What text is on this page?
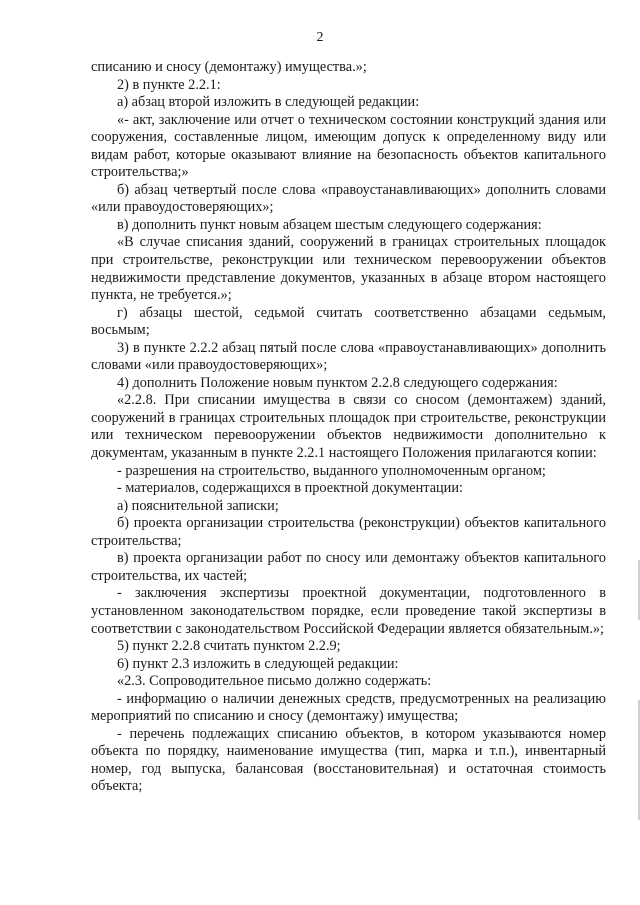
2

списанию и сносу (демонтажу) имущества.»;

2) в пункте 2.2.1:

а) абзац второй изложить в следующей редакции:

«- акт, заключение или отчет о техническом состоянии конструкций здания или сооружения, составленные лицом, имеющим допуск к определенному виду или видам работ, которые оказывают влияние на безопасность объектов капитального строительства;»

б) абзац четвертый после слова «правоустанавливающих» дополнить словами «или правоудостоверяющих»;

в) дополнить пункт новым абзацем шестым следующего содержания:

«В случае списания зданий, сооружений в границах строительных площадок при строительстве, реконструкции или техническом перевооружении объектов недвижимости представление документов, указанных в абзаце втором настоящего пункта, не требуется.»;

г) абзацы шестой, седьмой считать соответственно абзацами седьмым, восьмым;

3) в пункте 2.2.2 абзац пятый после слова «правоустанавливающих» дополнить словами «или правоудостоверяющих»;

4) дополнить Положение новым пунктом 2.2.8 следующего содержания:

«2.2.8. При списании имущества в связи со сносом (демонтажем) зданий, сооружений в границах строительных площадок при строительстве, реконструкции или техническом перевооружении объектов недвижимости дополнительно к документам, указанным в пункте 2.2.1 настоящего Положения прилагаются копии:

- разрешения на строительство, выданного уполномоченным органом;

- материалов, содержащихся в проектной документации:

а) пояснительной записки;

б) проекта организации строительства (реконструкции) объектов капитального строительства;

в) проекта организации работ по сносу или демонтажу объектов капитального строительства, их частей;

- заключения экспертизы проектной документации, подготовленного в установленном законодательством порядке, если проведение такой экспертизы в соответствии с законодательством Российской Федерации является обязательным.»;

5) пункт 2.2.8 считать пунктом 2.2.9;

6) пункт 2.3 изложить в следующей редакции:

«2.3. Сопроводительное письмо должно содержать:

- информацию о наличии денежных средств, предусмотренных на реализацию мероприятий по списанию и сносу (демонтажу) имущества;

- перечень подлежащих списанию объектов, в котором указываются номер объекта по порядку, наименование имущества (тип, марка и т.п.), инвентарный номер, год выпуска, балансовая (восстановительная) и остаточная стоимость объекта;
